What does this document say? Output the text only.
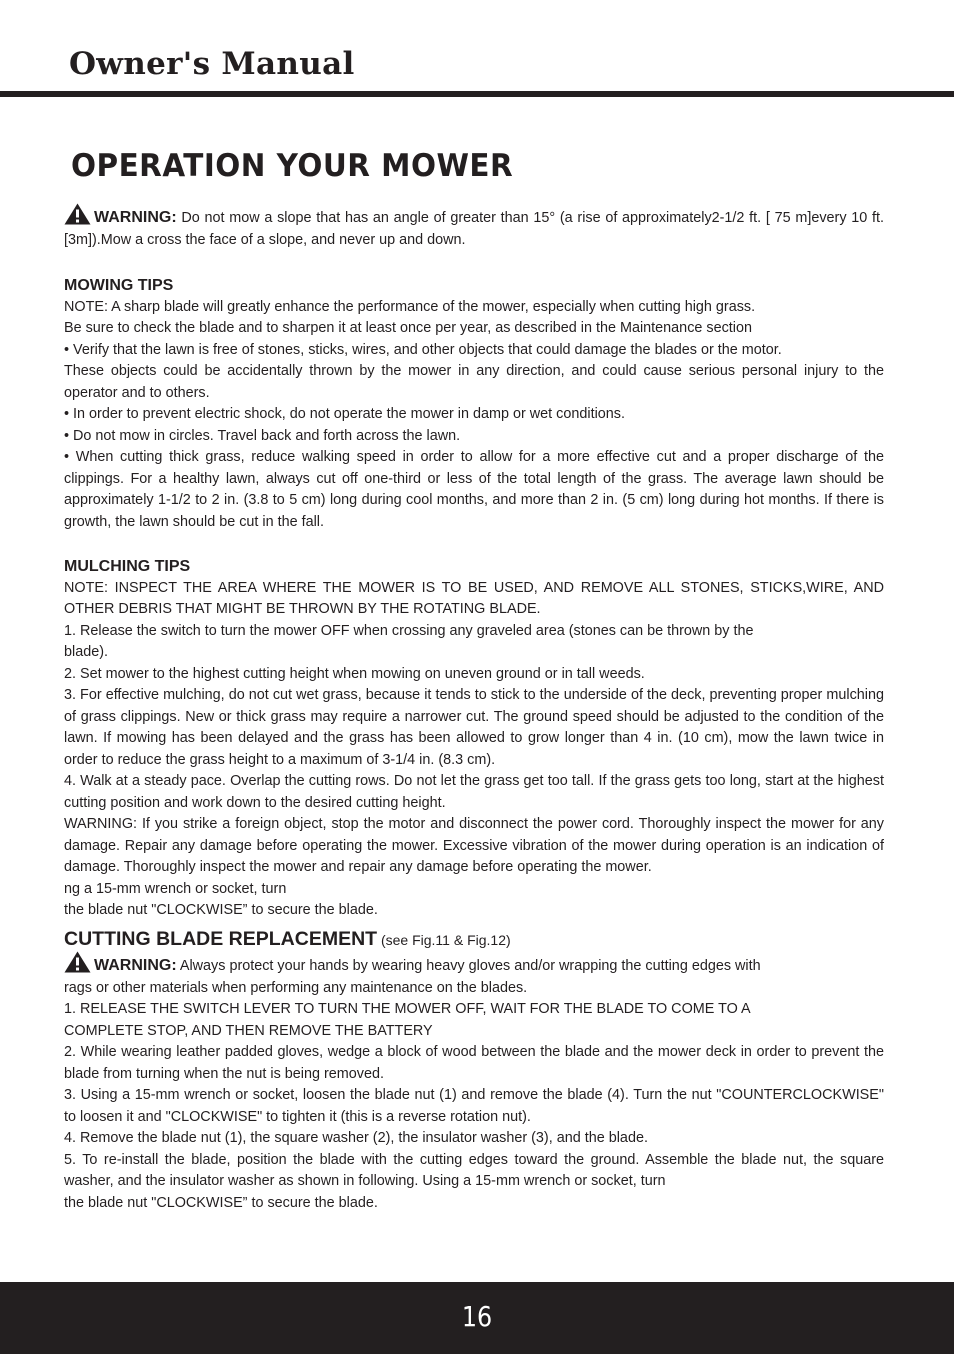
Owner's Manual
OPERATION YOUR MOWER

WARNING: Do not mow a slope that has an angle of greater than 15° (a rise of approximately2-1/2 ft. [ 75 m]every 10 ft. [3m]).Mow a cross the face of a slope, and never up and down.

MOWING TIPS

NOTE: A sharp blade will greatly enhance the performance of the mower, especially when cutting high grass.

Be sure to check the blade and to sharpen it at least once per year, as described in the Maintenance section

• Verify that the lawn is free of stones, sticks, wires, and other objects that could damage the blades or the motor.

These objects could be accidentally thrown by the mower in any direction, and could cause serious personal injury to the operator and to others.

• In order to prevent electric shock, do not operate the mower in damp or wet conditions.

• Do not mow in circles. Travel back and forth across the lawn.

• When cutting thick grass, reduce walking speed in order to allow for a more effective cut and a proper discharge of the clippings. For a healthy lawn, always cut off one-third or less of the total length of the grass. The average lawn should be approximately 1-1/2 to 2 in. (3.8 to 5 cm) long during cool months, and more than 2 in. (5 cm) long during hot months. If there is growth, the lawn should be cut in the fall.

MULCHING TIPS

NOTE: INSPECT THE AREA WHERE THE MOWER IS TO BE USED, AND REMOVE ALL STONES, STICKS,WIRE, AND OTHER DEBRIS THAT MIGHT BE THROWN BY THE ROTATING BLADE.

1. Release the switch to turn the mower OFF when crossing any graveled area (stones can be thrown by the

blade).

2. Set mower to the highest cutting height when mowing on uneven ground or in tall weeds.

3. For effective mulching, do not cut wet grass, because it tends to stick to the underside of the deck, preventing proper mulching of grass clippings. New or thick grass may require a narrower cut. The ground speed should be adjusted to the condition of the lawn. If mowing has been delayed and the grass has been allowed to grow longer than 4 in. (10 cm), mow the lawn twice in order to reduce the grass height to a maximum of 3-1/4 in. (8.3 cm).

4. Walk at a steady pace. Overlap the cutting rows. Do not let the grass get too tall. If the grass gets too long, start at the highest cutting position and work down to the desired cutting height.

WARNING: If you strike a foreign object, stop the motor and disconnect the power cord. Thoroughly inspect the mower for any damage. Repair any damage before operating the mower. Excessive vibration of the mower during operation is an indication of damage. Thoroughly inspect the mower and repair any damage before operating the mower.

ng a 15-mm wrench or socket, turn

the blade nut "CLOCKWISE” to secure the blade.

CUTTING BLADE REPLACEMENT (see Fig.11 & Fig.12)

WARNING: Always protect your hands by wearing heavy gloves and/or wrapping the cutting edges with

rags or other materials when performing any maintenance on the blades.

1. RELEASE THE SWITCH LEVER TO TURN THE MOWER OFF, WAIT FOR THE BLADE TO COME TO A

COMPLETE STOP, AND THEN REMOVE THE BATTERY

2. While wearing leather padded gloves, wedge a block of wood between the blade and the mower deck in order to prevent the blade from turning when the nut is being removed.

3. Using a 15-mm wrench or socket, loosen the blade nut (1) and remove the blade (4). Turn the nut "COUNTERCLOCKWISE" to loosen it and "CLOCKWISE" to tighten it (this is a reverse rotation nut).

4. Remove the blade nut (1), the square washer (2), the insulator washer (3), and the blade.

5. To re-install the blade, position the blade with the cutting edges toward the ground. Assemble the blade nut, the square washer, and the insulator washer as shown in following. Using a 15-mm wrench or socket, turn

the blade nut "CLOCKWISE” to secure the blade.

16
